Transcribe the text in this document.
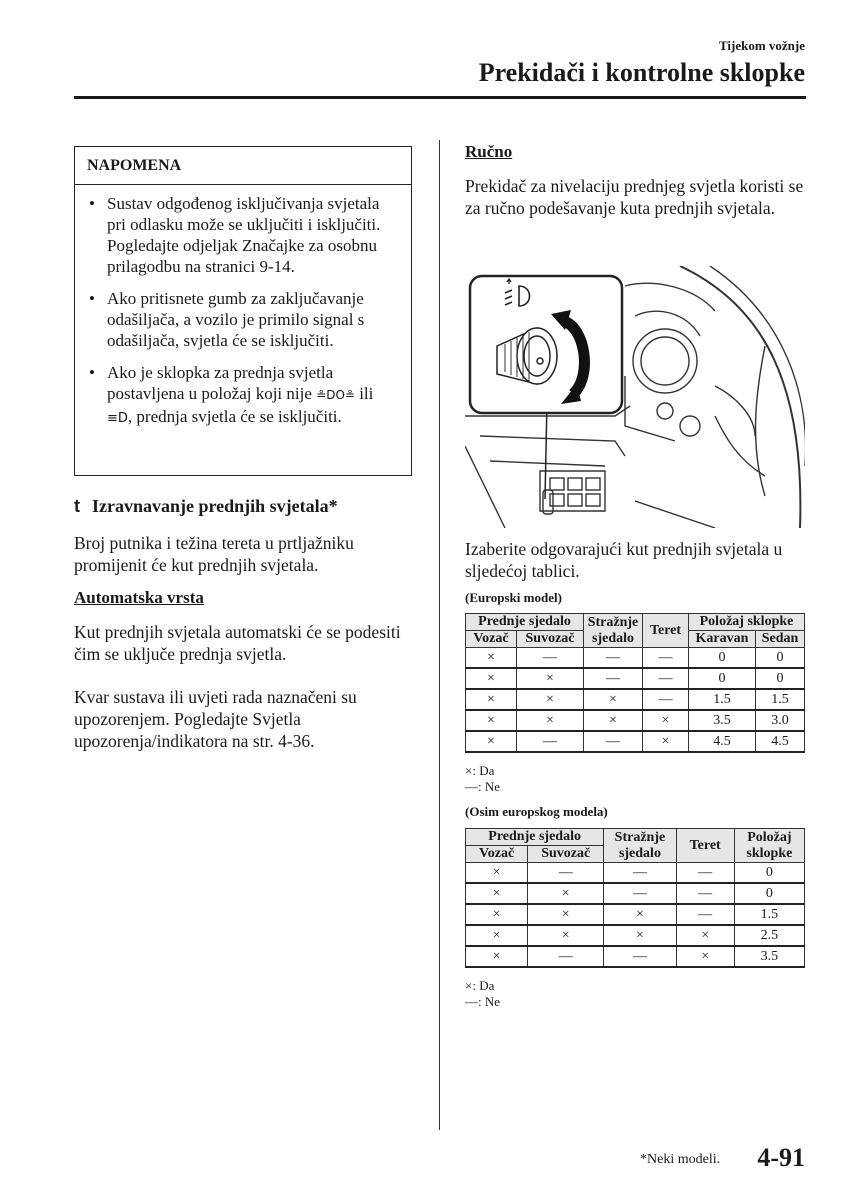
Tijekom vožnje
Prekidači i kontrolne sklopke
NAPOMENA
• Sustav odgođenog isključivanja svjetala pri odlasku može se uključiti i isključiti. Pogledajte odjeljak Značajke za osobnu prilagodbu na stranici 9-14.
• Ako pritisnete gumb za zaključavanje odašiljača, a vozilo je primilo signal s odašiljača, svjetla će se isključiti.
• Ako je sklopka za prednja svjetla postavljena u položaj koji nije ≗DO≗ ili ≡D, prednja svjetla će se isključiti.
t Izravnavanje prednjih svjetala*
Broj putnika i težina tereta u prtljažniku promijenit će kut prednjih svjetala.
Automatska vrsta
Kut prednjih svjetala automatski će se podesiti čim se uključe prednja svjetla.
Kvar sustava ili uvjeti rada naznačeni su upozorenjem. Pogledajte Svjetla upozorenja/indikatora na str. 4-36.
Ručno
Prekidač za nivelaciju prednjeg svjetla koristi se za ručno podešavanje kuta prednjih svjetala.
Izaberite odgovarajući kut prednjih svjetala u sljedećoj tablici.
(Europski model)
Prednje sjedalo		Stražnje sjedalo	Teret	Položaj sklopke	
Vozač	Suvozač			Karavan	Sedan
×	—	—	—	0	0
×	×	—	—	0	0
×	×	×	—	1.5	1.5
×	×	×	×	3.5	3.0
×	—	—	×	4.5	4.5
×: Da
—: Ne
(Osim europskog modela)
Prednje sjedalo		Stražnje sjedalo	Teret	Položaj sklopke
Vozač	Suvozač			
×	—	—	—	0
×	×	—	—	0
×	×	×	—	1.5
×	×	×	×	2.5
×	—	—	×	3.5
×: Da
—: Ne
*Neki modeli. 4-91
